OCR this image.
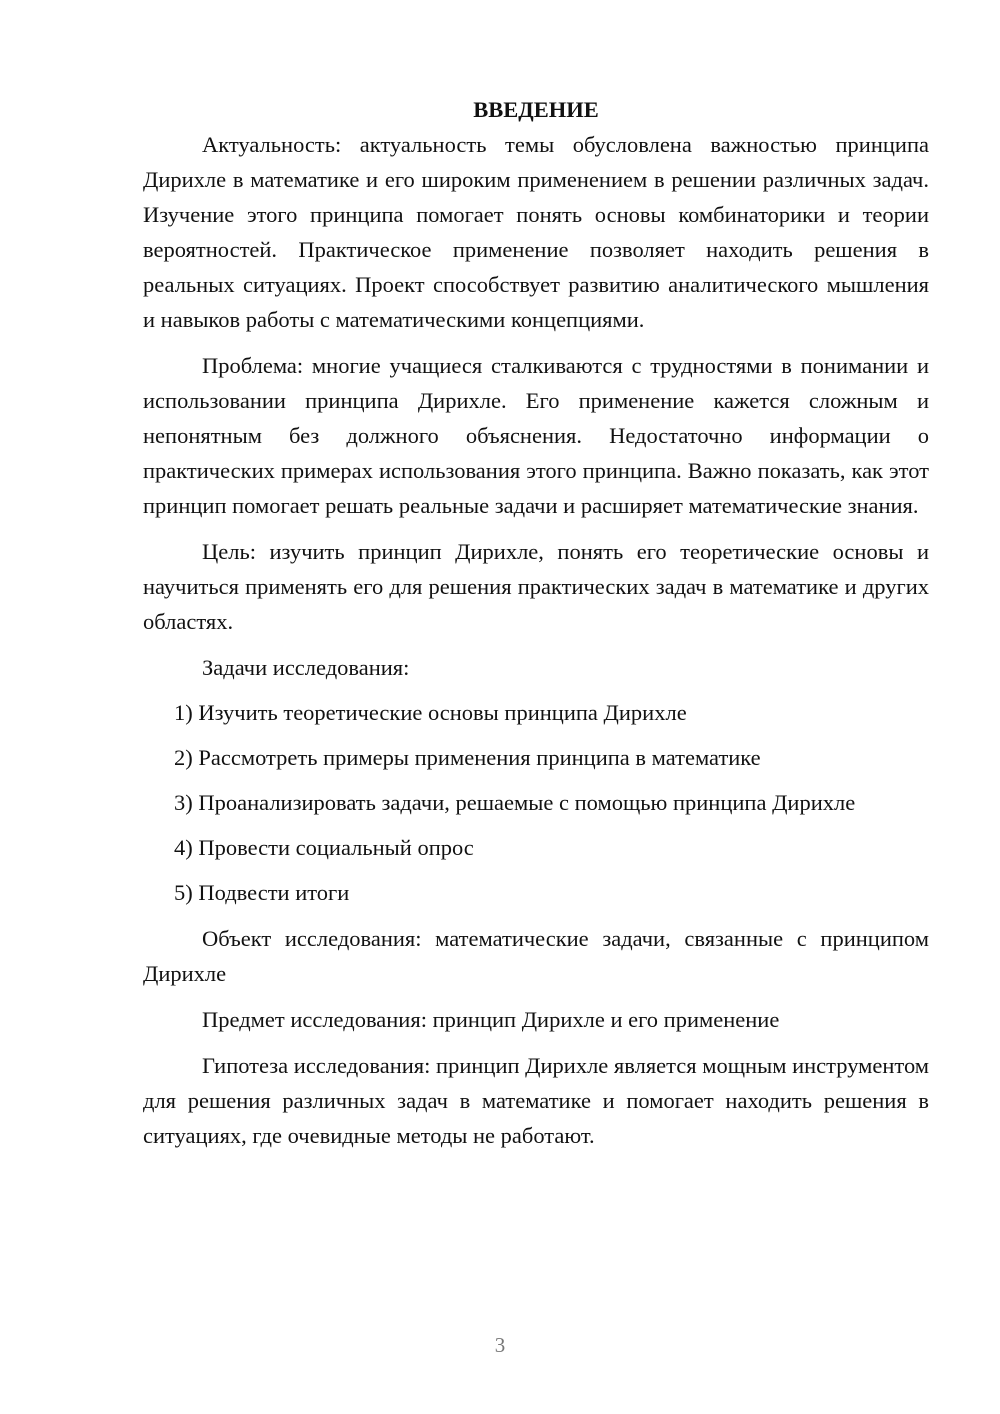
ВВЕДЕНИЕ

Актуальность: актуальность темы обусловлена важностью принципа Дирихле в математике и его широким применением в решении различных задач. Изучение этого принципа помогает понять основы комбинаторики и теории вероятностей. Практическое применение позволяет находить решения в реальных ситуациях. Проект способствует развитию аналитического мышления и навыков работы с математическими концепциями.

Проблема: многие учащиеся сталкиваются с трудностями в понимании и использовании принципа Дирихле. Его применение кажется сложным и непонятным без должного объяснения. Недостаточно информации о практических примерах использования этого принципа. Важно показать, как этот принцип помогает решать реальные задачи и расширяет математические знания.

Цель: изучить принцип Дирихле, понять его теоретические основы и научиться применять его для решения практических задач в математике и других областях.

Задачи исследования:

1) Изучить теоретические основы принципа Дирихле

2) Рассмотреть примеры применения принципа в математике

3) Проанализировать задачи, решаемые с помощью принципа Дирихле

4) Провести социальный опрос

5) Подвести итоги

Объект исследования: математические задачи, связанные с принципом Дирихле

Предмет исследования: принцип Дирихле и его применение

Гипотеза исследования: принцип Дирихле является мощным инструментом для решения различных задач в математике и помогает находить решения в ситуациях, где очевидные методы не работают.

3
